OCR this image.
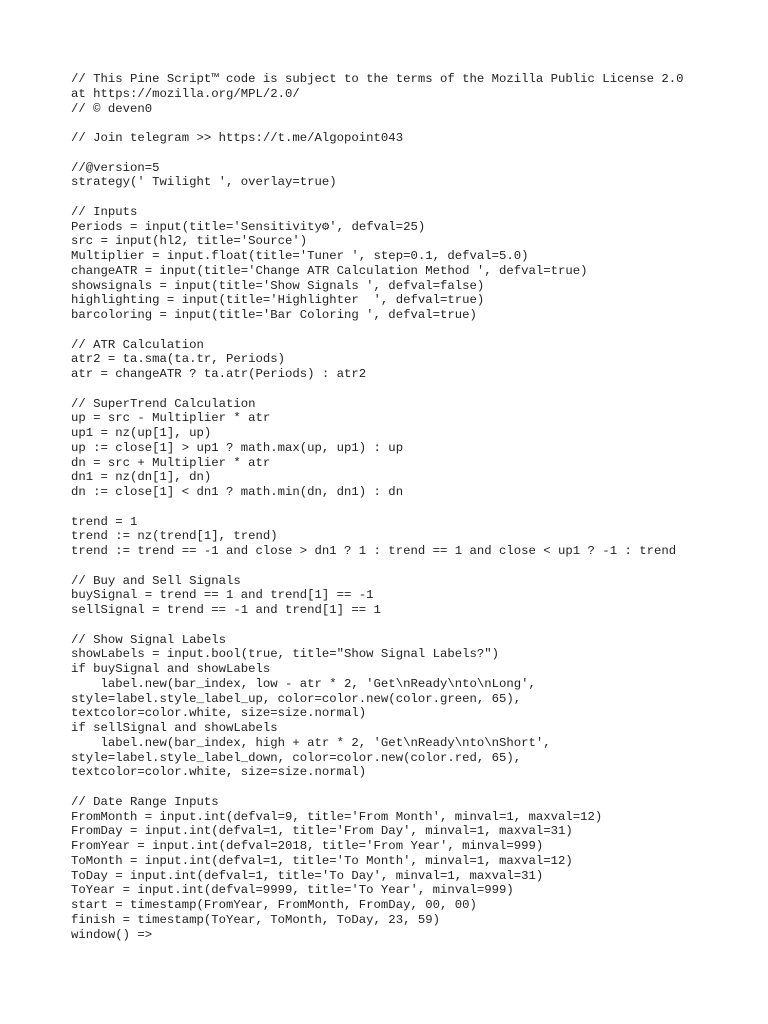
// This Pine Script™ code is subject to the terms of the Mozilla Public License 2.0
at https://mozilla.org/MPL/2.0/
// © deven0
// Join telegram >> https://t.me/Algopoint043
//@version=5
strategy(' Twilight ', overlay=true)
// Inputs
Periods = input(title='Sensitivity⚙', defval=25)
src = input(hl2, title='Source')
Multiplier = input.float(title='Tuner ', step=0.1, defval=5.0)
changeATR = input(title='Change ATR Calculation Method ', defval=true)
showsignals = input(title='Show Signals ', defval=false)
highlighting = input(title='Highlighter  ', defval=true)
barcoloring = input(title='Bar Coloring ', defval=true)
// ATR Calculation
atr2 = ta.sma(ta.tr, Periods)
atr = changeATR ? ta.atr(Periods) : atr2
// SuperTrend Calculation
up = src - Multiplier * atr
up1 = nz(up[1], up)
up := close[1] > up1 ? math.max(up, up1) : up
dn = src + Multiplier * atr
dn1 = nz(dn[1], dn)
dn := close[1] < dn1 ? math.min(dn, dn1) : dn
trend = 1
trend := nz(trend[1], trend)
trend := trend == -1 and close > dn1 ? 1 : trend == 1 and close < up1 ? -1 : trend
// Buy and Sell Signals
buySignal = trend == 1 and trend[1] == -1
sellSignal = trend == -1 and trend[1] == 1
// Show Signal Labels
showLabels = input.bool(true, title="Show Signal Labels?")
if buySignal and showLabels
label.new(bar_index, low - atr * 2, 'Get\nReady\nto\nLong',
style=label.style_label_up, color=color.new(color.green, 65),
textcolor=color.white, size=size.normal)
if sellSignal and showLabels
label.new(bar_index, high + atr * 2, 'Get\nReady\nto\nShort',
style=label.style_label_down, color=color.new(color.red, 65),
textcolor=color.white, size=size.normal)
// Date Range Inputs
FromMonth = input.int(defval=9, title='From Month', minval=1, maxval=12)
FromDay = input.int(defval=1, title='From Day', minval=1, maxval=31)
FromYear = input.int(defval=2018, title='From Year', minval=999)
ToMonth = input.int(defval=1, title='To Month', minval=1, maxval=12)
ToDay = input.int(defval=1, title='To Day', minval=1, maxval=31)
ToYear = input.int(defval=9999, title='To Year', minval=999)
start = timestamp(FromYear, FromMonth, FromDay, 00, 00)
finish = timestamp(ToYear, ToMonth, ToDay, 23, 59)
window() =>
